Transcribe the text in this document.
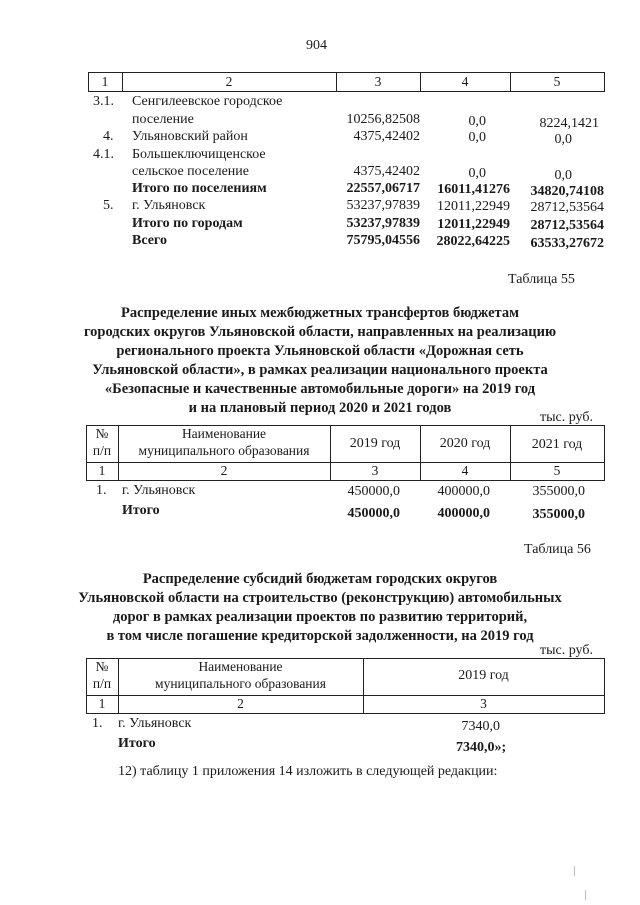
904
1	2	3	4	5
3.1. Сенгилеевское городское
поселение	10256,82508	0,0	8224,1421
4. Ульяновский район	4375,42402	0,0	0,0
4.1. Большеключищенское
сельское поселение	4375,42402	0,0	0,0
Итого по поселениям	22557,06717	16011,41276	34820,74108
5. г. Ульяновск	53237,97839	12011,22949	28712,53564
Итого по городам	53237,97839	12011,22949	28712,53564
Всего	75795,04556	28022,64225	63533,27672
Таблица 55
Распределение иных межбюджетных трансфертов бюджетам
городских округов Ульяновской области, направленных на реализацию
регионального проекта Ульяновской области «Дорожная сеть
Ульяновской области», в рамках реализации национального проекта
«Безопасные и качественные автомобильные дороги» на 2019 год
и на плановый период 2020 и 2021 годов
тыс. руб.
№
п/п
Наименование
муниципального образования	2019 год	2020 год	2021 год
1	2	3	4	5
1. г. Ульяновск	450000,0	400000,0	355000,0
Итого	450000,0	400000,0	355000,0
Таблица 56
Распределение субсидий бюджетам городских округов
Ульяновской области на строительство (реконструкцию) автомобильных
дорог в рамках реализации проектов по развитию территорий,
в том числе погашение кредиторской задолженности, на 2019 год
тыс. руб.
№
п/п
Наименование
муниципального образования
2019 год
1	2	3
1. г. Ульяновск	7340,0
Итого	7340,0»;
12) таблицу 1 приложения 14 изложить в следующей редакции:
